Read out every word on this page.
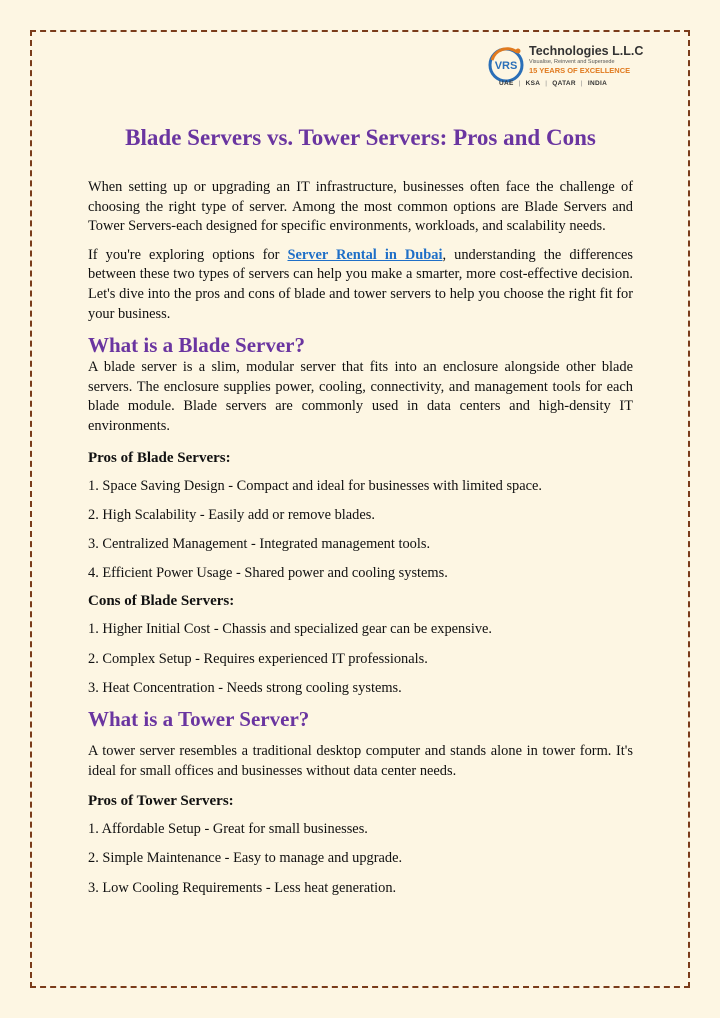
VRS
Technologies L.L.C
Visualise, Reinvent and Supersede
15 YEARS OF EXCELLENCE
UAE | KSA | QATAR | INDIA
Blade Servers vs. Tower Servers: Pros and Cons

When setting up or upgrading an IT infrastructure, businesses often face the challenge of choosing the right type of server. Among the most common options are Blade Servers and Tower Servers-each designed for specific environments, workloads, and scalability needs.

If you're exploring options for Server Rental in Dubai, understanding the differences between these two types of servers can help you make a smarter, more cost-effective decision. Let's dive into the pros and cons of blade and tower servers to help you choose the right fit for your business.

What is a Blade Server?

A blade server is a slim, modular server that fits into an enclosure alongside other blade servers. The enclosure supplies power, cooling, connectivity, and management tools for each blade module. Blade servers are commonly used in data centers and high-density IT environments.

Pros of Blade Servers:
1. Space Saving Design - Compact and ideal for businesses with limited space.
2. High Scalability - Easily add or remove blades.
3. Centralized Management - Integrated management tools.
4. Efficient Power Usage - Shared power and cooling systems.
Cons of Blade Servers:
1. Higher Initial Cost - Chassis and specialized gear can be expensive.
2. Complex Setup - Requires experienced IT professionals.
3. Heat Concentration - Needs strong cooling systems.
What is a Tower Server?

A tower server resembles a traditional desktop computer and stands alone in tower form. It's ideal for small offices and businesses without data center needs.

Pros of Tower Servers:
1. Affordable Setup - Great for small businesses.
2. Simple Maintenance - Easy to manage and upgrade.
3. Low Cooling Requirements - Less heat generation.
